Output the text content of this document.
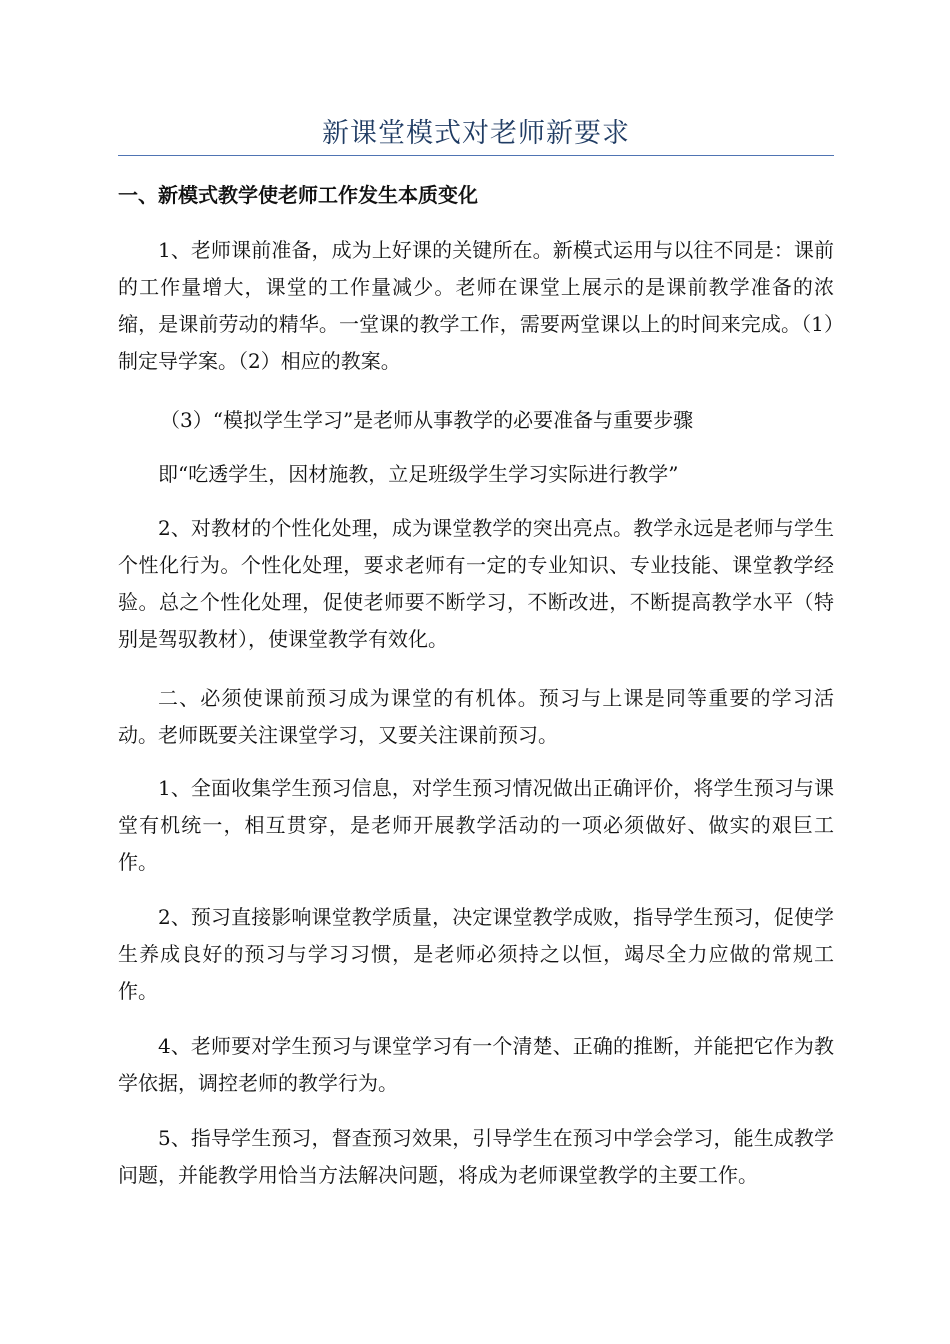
新课堂模式对老师新要求
一、新模式教学使老师工作发生本质变化

1、老师课前准备，成为上好课的关键所在。新模式运用与以往不同是：课前的工作量增大，课堂的工作量减少。老师在课堂上展示的是课前教学准备的浓缩，是课前劳动的精华。一堂课的教学工作，需要两堂课以上的时间来完成。（1）制定导学案。（2）相应的教案。

（3）“模拟学生学习”是老师从事教学的必要准备与重要步骤

即“吃透学生，因材施教，立足班级学生学习实际进行教学”

2、对教材的个性化处理，成为课堂教学的突出亮点。教学永远是老师与学生个性化行为。个性化处理，要求老师有一定的专业知识、专业技能、课堂教学经验。总之个性化处理，促使老师要不断学习，不断改进，不断提高教学水平（特别是驾驭教材），使课堂教学有效化。

二、必须使课前预习成为课堂的有机体。预习与上课是同等重要的学习活动。老师既要关注课堂学习，又要关注课前预习。

1、全面收集学生预习信息，对学生预习情况做出正确评价，将学生预习与课堂有机统一，相互贯穿，是老师开展教学活动的一项必须做好、做实的艰巨工作。

2、预习直接影响课堂教学质量，决定课堂教学成败，指导学生预习，促使学生养成良好的预习与学习习惯，是老师必须持之以恒，竭尽全力应做的常规工作。

4、老师要对学生预习与课堂学习有一个清楚、正确的推断，并能把它作为教学依据，调控老师的教学行为。

5、指导学生预习，督查预习效果，引导学生在预习中学会学习，能生成教学问题，并能教学用恰当方法解决问题，将成为老师课堂教学的主要工作。
